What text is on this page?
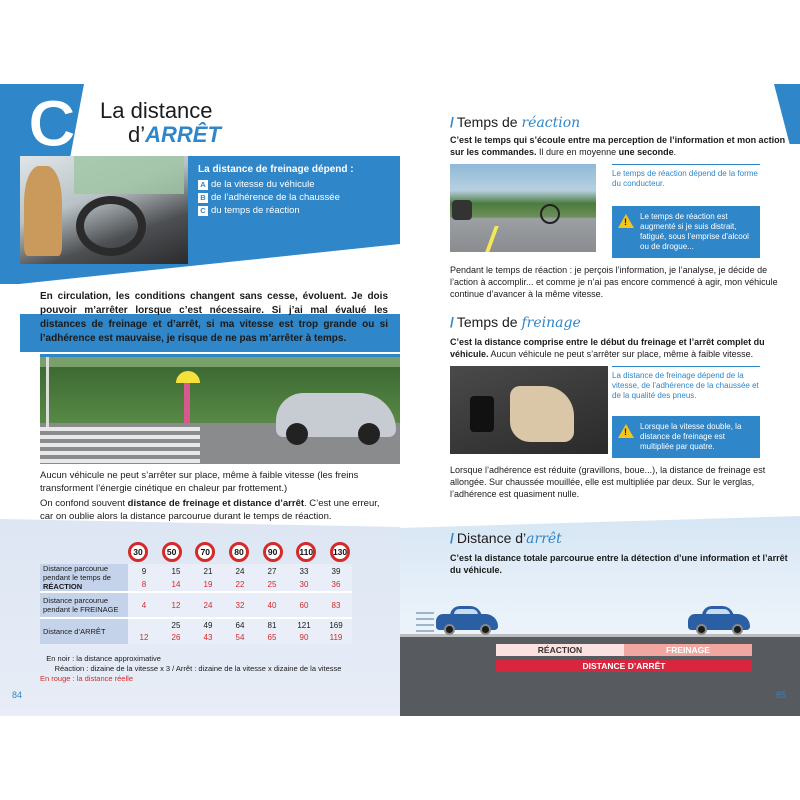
C La distance
d’ARRÊT
La distance de freinage dépend :
A de la vitesse du véhicule
B de l’adhérence de la chaussée
C du temps de réaction

En circulation, les conditions changent sans cesse, évoluent. Je dois pouvoir m’arrêter lorsque c’est nécessaire. Si j’ai mal évalué les distances de freinage et d’arrêt, si ma vitesse est trop grande ou si l’adhérence est mauvaise, je risque de ne pas m’arrêter à temps.

Aucun véhicule ne peut s’arrêter sur place, même à faible vitesse (les freins transforment l’énergie cinétique en chaleur par frottement.)

On confond souvent distance de freinage et distance d’arrêt. C’est une erreur, car on oublie alors la distance parcourue durant le temps de réaction.

30	50	70	80	90	110	130
Distance parcourue
pendant le temps de
RÉACTION	9	15	21	24	27	33	39
	8	14	19	22	25	30	36
Distance parcourue
pendant le FREINAGE	4	12	24	32	40	60	83
Distance d’ARRÊT		25	49	64	81	121	169
	12	26	43	54	65	90	119
En noir : la distance approximative
Réaction : dizaine de la vitesse x 3 / Arrêt : dizaine de la vitesse x dizaine de la vitesse
En rouge : la distance réelle
84
/ Temps de réaction

C’est le temps qui s’écoule entre ma perception de l’information et mon action sur les commandes. Il dure en moyenne une seconde.

Le temps de réaction dépend de la forme du conducteur.
!
Le temps de réaction est augmenté si je suis distrait, fatigué, sous l’emprise d’alcool ou de drogue...

Pendant le temps de réaction : je perçois l’information, je l’analyse, je décide de l’action à accomplir... et comme je n’ai pas encore commencé à agir, mon véhicule continue d’avancer à la même vitesse.

/ Temps de freinage

C’est la distance comprise entre le début du freinage et l’arrêt complet du véhicule. Aucun véhicule ne peut s’arrêter sur place, même à faible vitesse.

La distance de freinage dépend de la vitesse, de l’adhérence de la chaussée et de la qualité des pneus.
!
Lorsque la vitesse double, la distance de freinage est multipliée par quatre.

Lorsque l’adhérence est réduite (gravillons, boue...), la distance de freinage est allongée. Sur chaussée mouillée, elle est multipliée par deux. Sur le verglas, l’adhérence est quasiment nulle.

/ Distance d’arrêt

C’est la distance totale parcourue entre la détection d’une information et l’arrêt du véhicule.

RÉACTION	FREINAGE
DISTANCE D’ARRÊT
85
